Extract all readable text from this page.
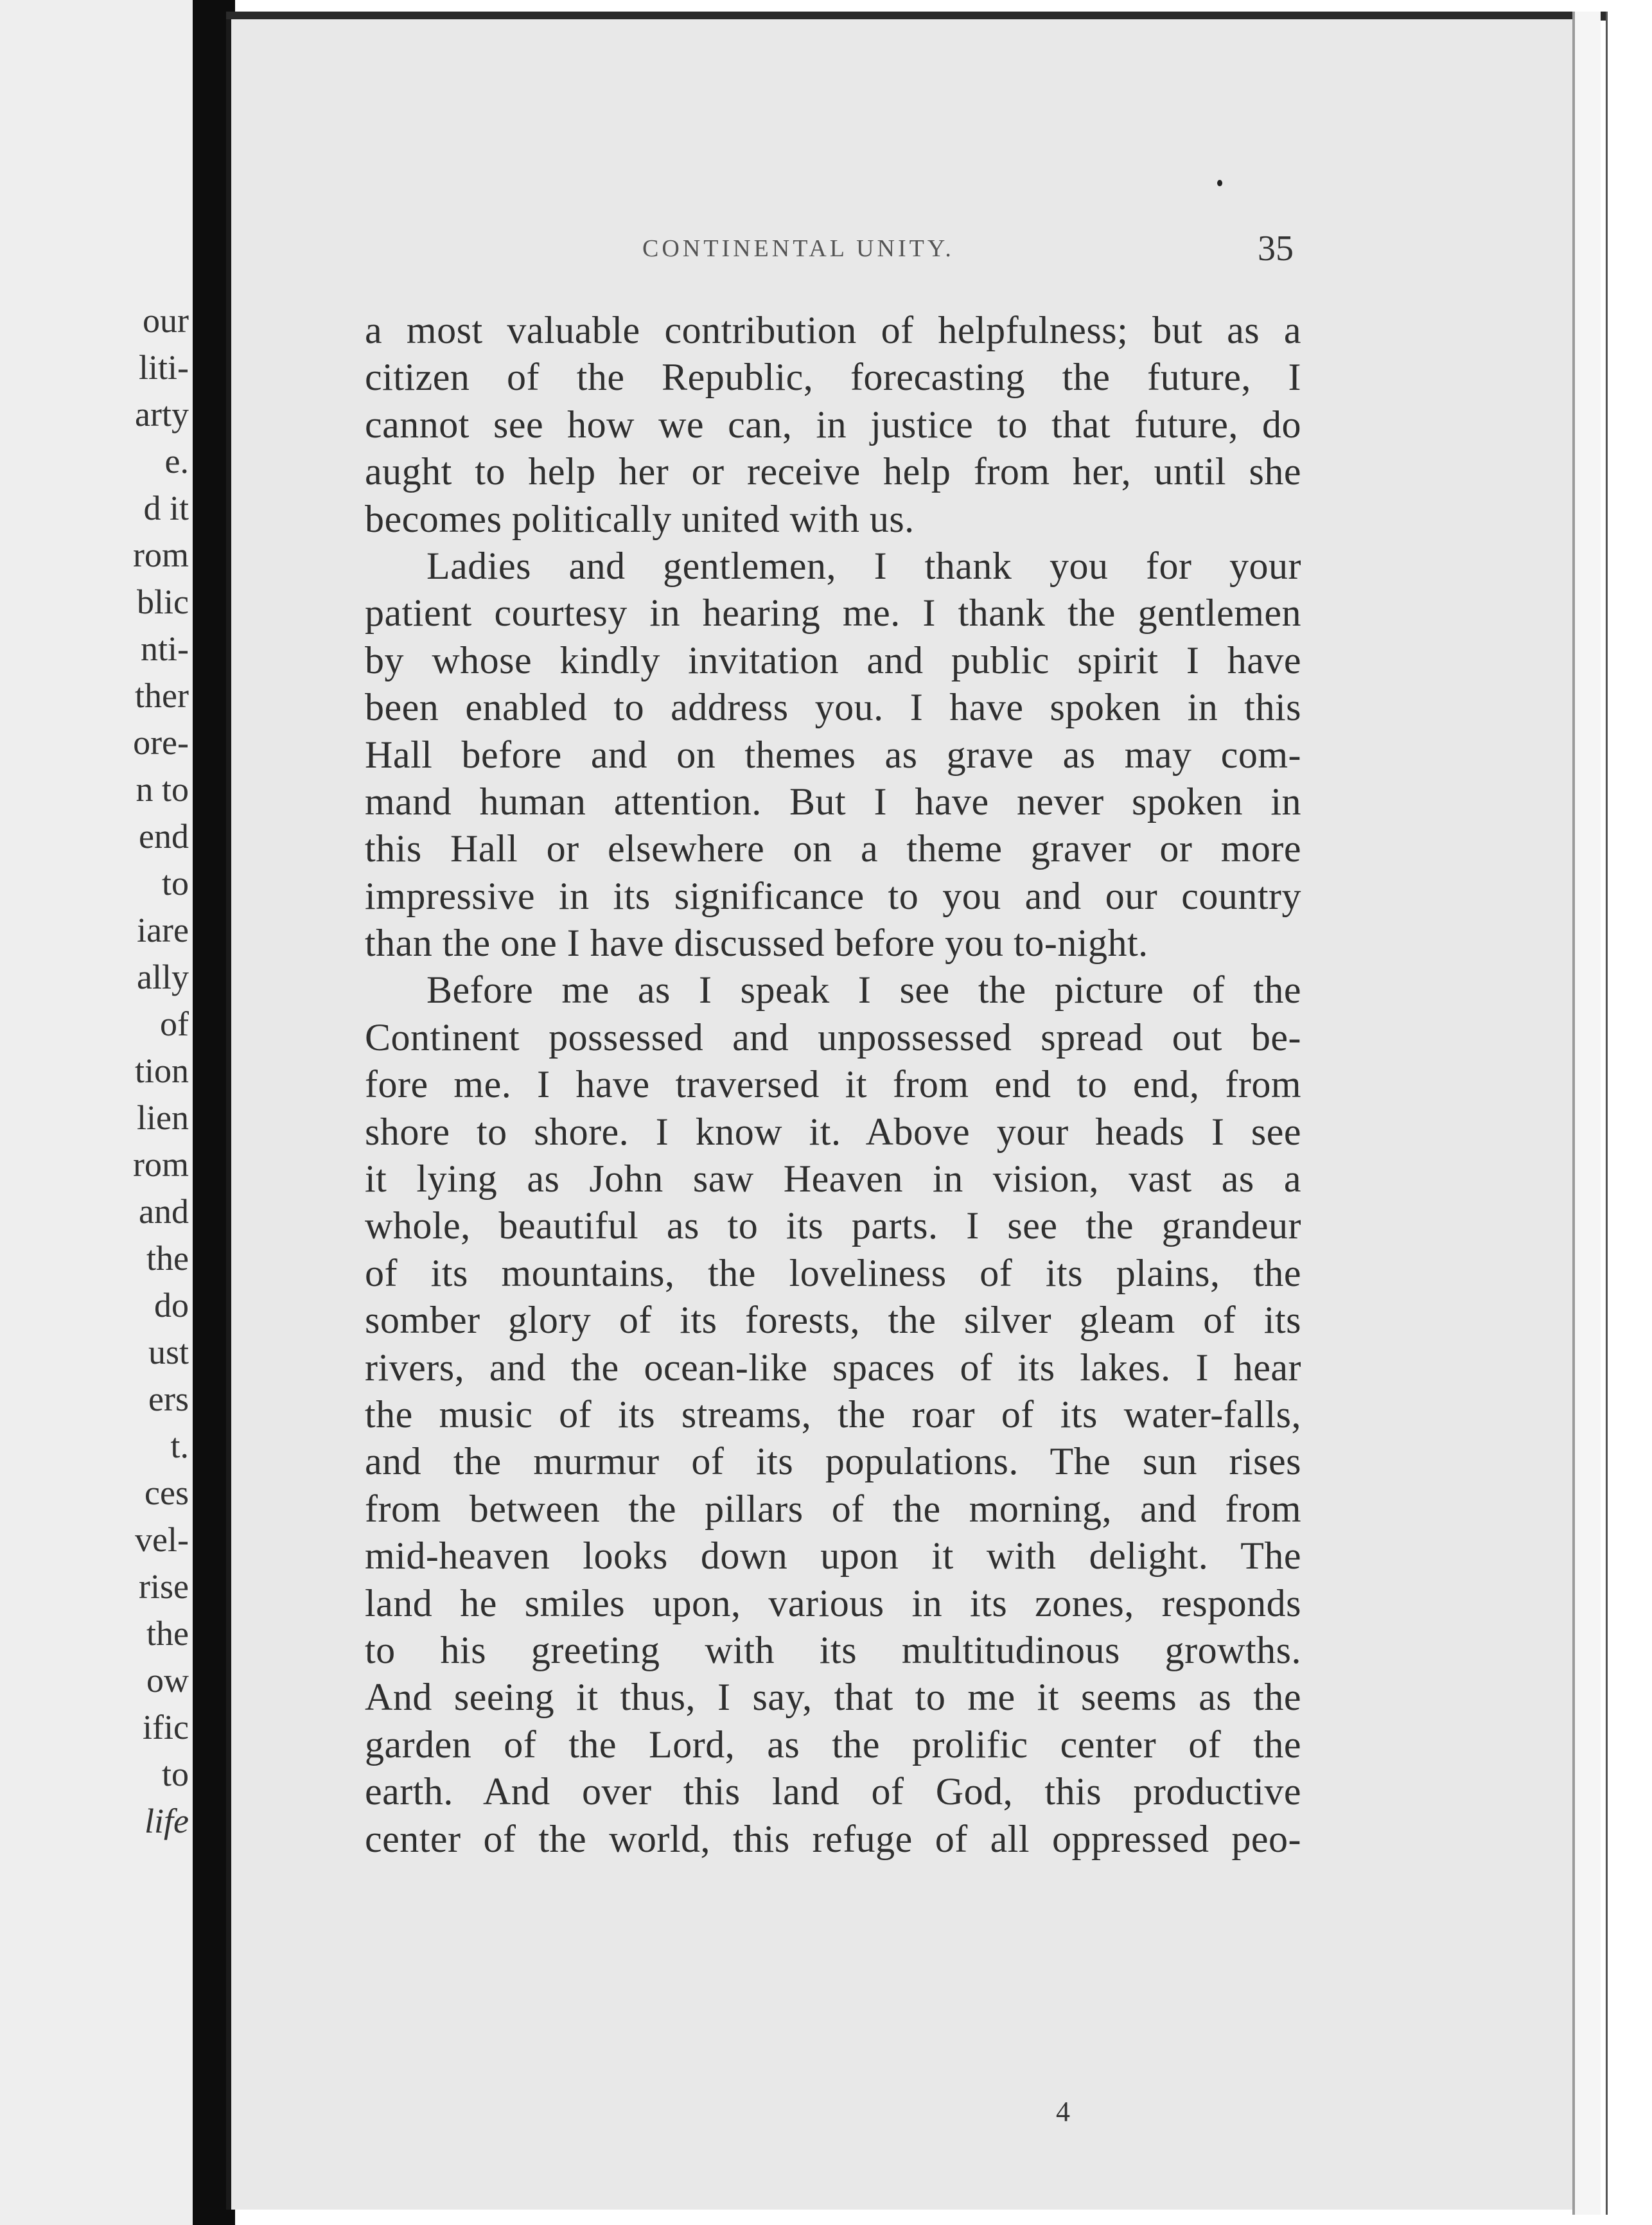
our
liti-
arty
e.
d it
rom
blic
nti-
ther
ore-
n to
end
to
iare
ally
of
tion
lien
rom
and
the
do
ust
ers
t.
ces
vel-
rise
the
ow
ific
to
life
CONTINENTAL UNITY.	35
a most valuable contribution of helpfulness; but as a
citizen of the Republic, forecasting the future, I
cannot see how we can, in justice to that future, do
aught to help her or receive help from her, until she
becomes politically united with us.
Ladies and gentlemen, I thank you for your
patient courtesy in hearing me. I thank the gentlemen
by whose kindly invitation and public spirit I have
been enabled to address you. I have spoken in this
Hall before and on themes as grave as may com-
mand human attention. But I have never spoken in
this Hall or elsewhere on a theme graver or more
impressive in its significance to you and our country
than the one I have discussed before you to-night.
Before me as I speak I see the picture of the
Continent possessed and unpossessed spread out be-
fore me. I have traversed it from end to end, from
shore to shore. I know it. Above your heads I see
it lying as John saw Heaven in vision, vast as a
whole, beautiful as to its parts. I see the grandeur
of its mountains, the loveliness of its plains, the
somber glory of its forests, the silver gleam of its
rivers, and the ocean-like spaces of its lakes. I hear
the music of its streams, the roar of its water-falls,
and the murmur of its populations. The sun rises
from between the pillars of the morning, and from
mid-heaven looks down upon it with delight. The
land he smiles upon, various in its zones, responds
to his greeting with its multitudinous growths.
And seeing it thus, I say, that to me it seems as the
garden of the Lord, as the prolific center of the
earth. And over this land of God, this productive
center of the world, this refuge of all oppressed peo-
4
